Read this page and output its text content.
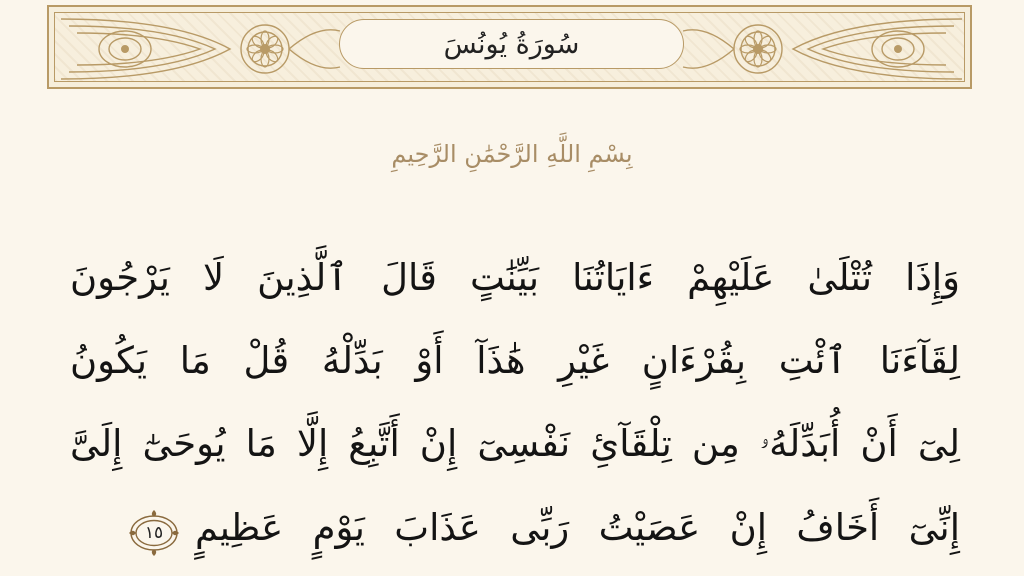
سُورَةُ يُونُسَ
بِسْمِ اللَّهِ الرَّحْمَٰنِ الرَّحِيمِ
وَإِذَا تُتْلَىٰ عَلَيْهِمْ ءَايَاتُنَا بَيِّنَٰتٍ قَالَ ٱلَّذِينَ لَا يَرْجُونَ
لِقَآءَنَا ٱئْتِ بِقُرْءَانٍ غَيْرِ هَٰذَآ أَوْ بَدِّلْهُ قُلْ مَا يَكُونُ
لِىٓ أَنْ أُبَدِّلَهُۥ مِن تِلْقَآئِ نَفْسِىٓ إِنْ أَتَّبِعُ إِلَّا مَا يُوحَىٰٓ إِلَىَّ
إِنِّىٓ أَخَافُ إِنْ عَصَيْتُ رَبِّى عَذَابَ يَوْمٍ عَظِيمٍ
١٥
